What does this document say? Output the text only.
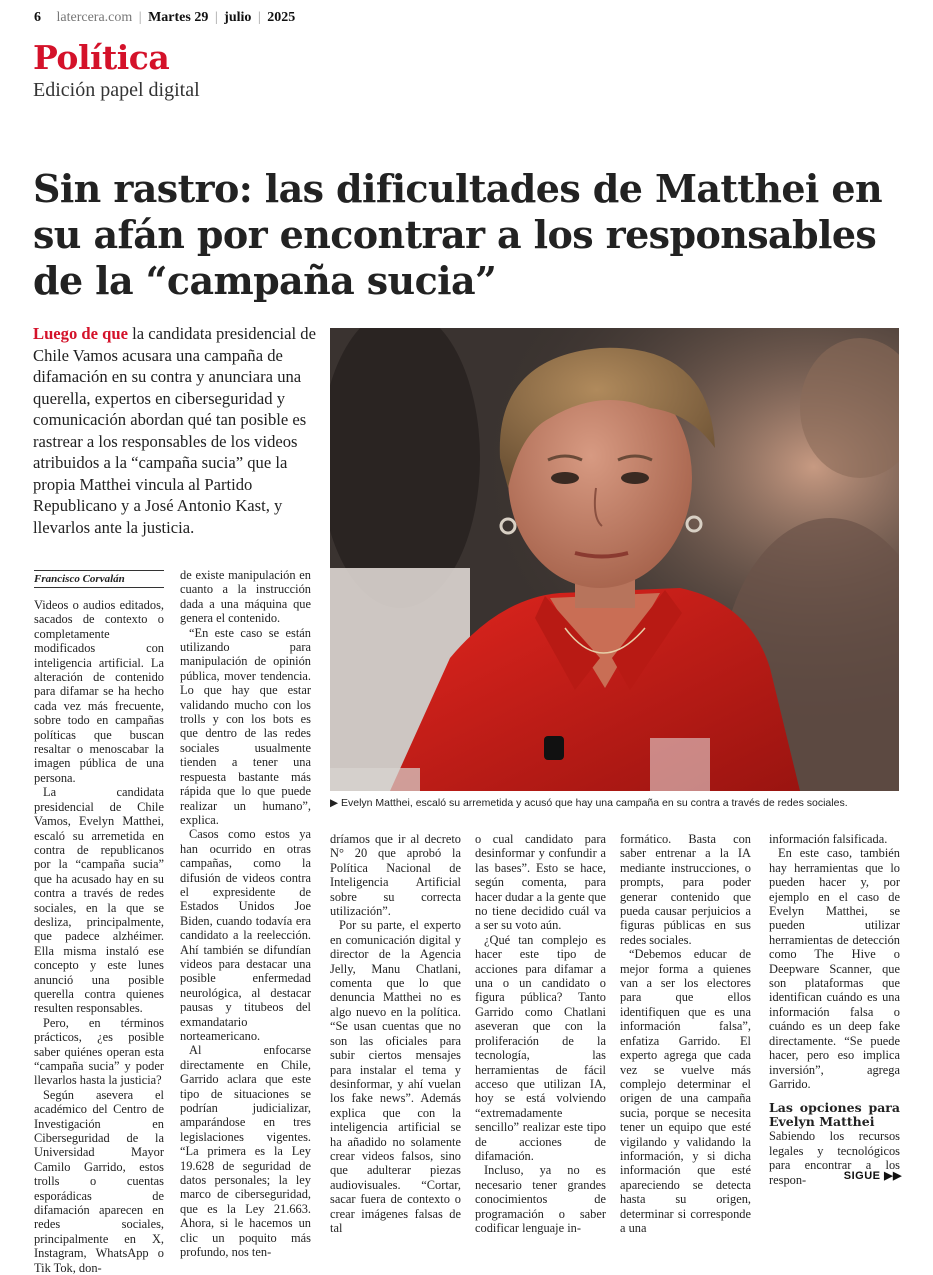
6 latercera.com | Martes 29 | julio | 2025
Política
Edición papel digital
Sin rastro: las dificultades de Matthei en su afán por encontrar a los responsables de la “campaña sucia”
Luego de que la candidata presidencial de Chile Vamos acusara una campaña de difamación en su contra y anunciara una querella, expertos en ciberseguridad y comunicación abordan qué tan posible es rastrear a los responsables de los videos atribuidos a la “campaña sucia” que la propia Matthei vincula al Partido Republicano y a José Antonio Kast, y llevarlos ante la justicia.
▶ Evelyn Matthei, escaló su arremetida y acusó que hay una campaña en su contra a través de redes sociales.
Francisco Corvalán

Videos o audios editados, sacados de contexto o completamente modificados con inteligencia artificial. La alteración de contenido para difamar se ha hecho cada vez más frecuente, sobre todo en campañas políticas que buscan resaltar o menoscabar la imagen pública de una persona.

La candidata presidencial de Chile Vamos, Evelyn Matthei, escaló su arremetida en contra de republicanos por la “campaña sucia” que ha acusado hay en su contra a través de redes sociales, en la que se desliza, principalmente, que padece alzhéimer. Ella misma instaló ese concepto y este lunes anunció una posible querella contra quienes resulten responsables.

Pero, en términos prácticos, ¿es posible saber quiénes operan esta “campaña sucia” y poder llevarlos hasta la justicia?

Según asevera el académico del Centro de Investigación en Ciberseguridad de la Universidad Mayor Camilo Garrido, estos trolls o cuentas esporádicas de difamación aparecen en redes sociales, principalmente en X, Instagram, WhatsApp o Tik Tok, don-

de existe manipulación en cuanto a la instrucción dada a una máquina que genera el contenido.

“En este caso se están utilizando para manipulación de opinión pública, mover tendencia. Lo que hay que estar validando mucho con los trolls y con los bots es que dentro de las redes sociales usualmente tienden a tener una respuesta bastante más rápida que lo que puede realizar un humano”, explica.

Casos como estos ya han ocurrido en otras campañas, como la difusión de videos contra el expresidente de Estados Unidos Joe Biden, cuando todavía era candidato a la reelección. Ahí también se difundían videos para destacar una posible enfermedad neurológica, al destacar pausas y titubeos del exmandatario norteamericano.

Al enfocarse directamente en Chile, Garrido aclara que este tipo de situaciones se podrían judicializar, amparándose en tres legislaciones vigentes. “La primera es la Ley 19.628 de seguridad de datos personales; la ley marco de ciberseguridad, que es la Ley 21.663. Ahora, si le hacemos un clic un poquito más profundo, nos ten-

dríamos que ir al decreto N° 20 que aprobó la Política Nacional de Inteligencia Artificial sobre su correcta utilización”.

Por su parte, el experto en comunicación digital y director de la Agencia Jelly, Manu Chatlani, comenta que lo que denuncia Matthei no es algo nuevo en la política. “Se usan cuentas que no son las oficiales para subir ciertos mensajes para instalar el tema y desinformar, y ahí vuelan los fake news”. Además explica que con la inteligencia artificial se ha añadido no solamente crear videos falsos, sino que adulterar piezas audiovisuales. “Cortar, sacar fuera de contexto o crear imágenes falsas de tal

o cual candidato para desinformar y confundir a las bases”. Esto se hace, según comenta, para hacer dudar a la gente que no tiene decidido cuál va a ser su voto aún.

¿Qué tan complejo es hacer este tipo de acciones para difamar a una o un candidato o figura pública? Tanto Garrido como Chatlani aseveran que con la proliferación de la tecnología, las herramientas de fácil acceso que utilizan IA, hoy se está volviendo “extremadamente sencillo” realizar este tipo de acciones de difamación.

Incluso, ya no es necesario tener grandes conocimientos de programación o saber codificar lenguaje in-

formático. Basta con saber entrenar a la IA mediante instrucciones, o prompts, para poder generar contenido que pueda causar perjuicios a figuras públicas en sus redes sociales.

“Debemos educar de mejor forma a quienes van a ser los electores para que ellos identifiquen que es una información falsa”, enfatiza Garrido. El experto agrega que cada vez se vuelve más complejo determinar el origen de una campaña sucia, porque se necesita tener un equipo que esté vigilando y validando la información, y si dicha información que esté apareciendo se detecta hasta su origen, determinar si corresponde a una

información falsificada.

En este caso, también hay herramientas que lo pueden hacer y, por ejemplo en el caso de Evelyn Matthei, se pueden utilizar herramientas de detección como The Hive o Deepware Scanner, que son plataformas que identifican cuándo es una información falsa o cuándo es un deep fake directamente. “Se puede hacer, pero eso implica inversión”, agrega Garrido.

Las opciones para Evelyn Matthei

Sabiendo los recursos legales y tecnológicos para encontrar a los respon-	SIGUE ▶▶
